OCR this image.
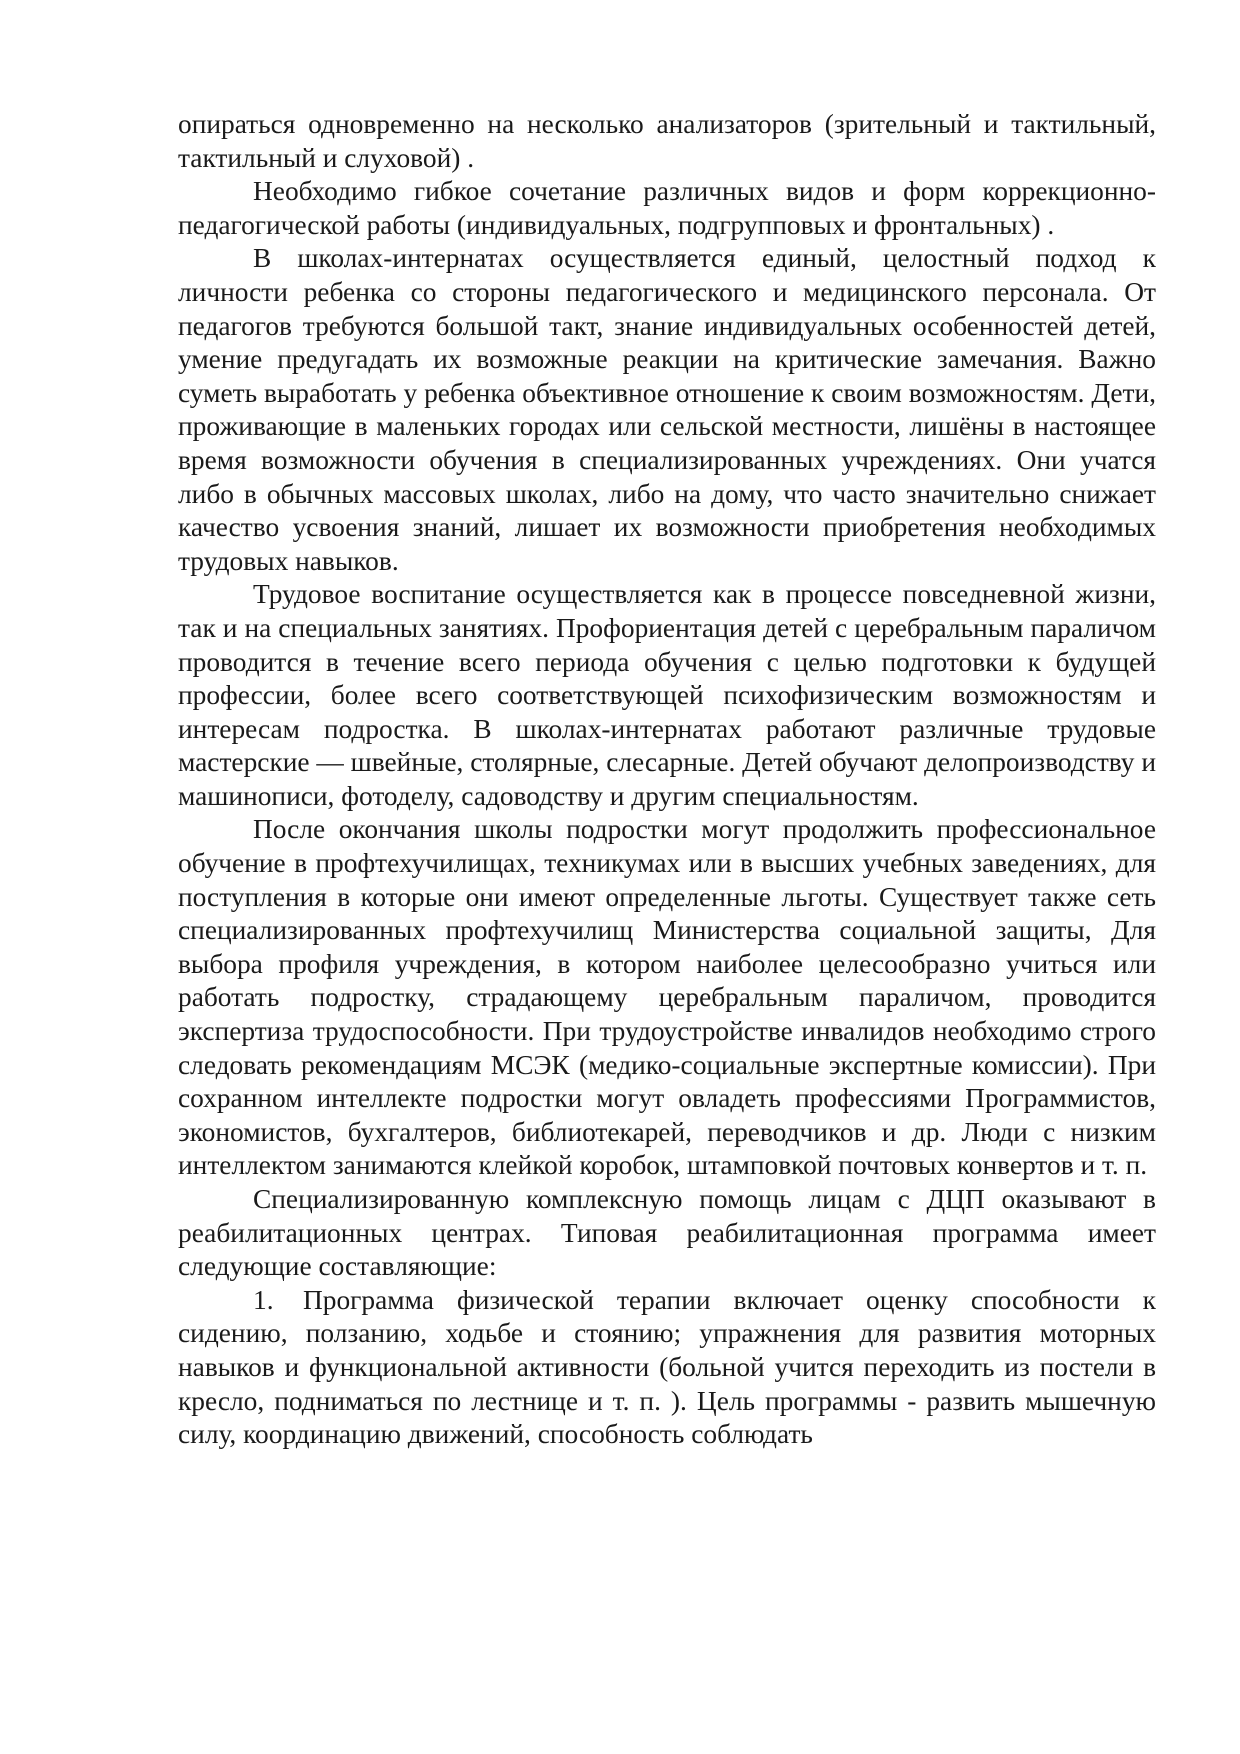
опираться одновременно на несколько анализаторов (зрительный и тактильный, тактильный и слуховой) .

Необходимо гибкое сочетание различных видов и форм коррекционно-педагогической работы (индивидуальных, подгрупповых и фронтальных) .

В школах-интернатах осуществляется единый, целостный подход к личности ребенка со стороны педагогического и медицинского персонала. От педагогов требуются большой такт, знание индивидуальных особенностей детей, умение предугадать их возможные реакции на критические замечания. Важно суметь выработать у ребенка объективное отношение к своим возможностям. Дети, проживающие в маленьких городах или сельской местности, лишёны в настоящее время возможности обучения в специализированных учреждениях. Они учатся либо в обычных массовых школах, либо на дому, что часто значительно снижает качество усвоения знаний, лишает их возможности приобретения необходимых трудовых навыков.

Трудовое воспитание осуществляется как в процессе повседневной жизни, так и на специальных занятиях. Профориентация детей с церебральным параличом проводится в течение всего периода обучения с целью подготовки к будущей профессии, более всего соответствующей психофизическим возможностям и интересам подростка. В школах-интернатах работают различные трудовые мастерские — швейные, столярные, слесарные. Детей обучают делопроизводству и машинописи, фотоделу, садоводству и другим специальностям.

После окончания школы подростки могут продолжить профессиональное обучение в профтехучилищах, техникумах или в высших учебных заведениях, для поступления в которые они имеют определенные льготы. Существует также сеть специализированных профтехучилищ Министерства социальной защиты, Для выбора профиля учреждения, в котором наиболее целесообразно учиться или работать подростку, страдающему церебральным параличом, проводится экспертиза трудоспособности. При трудоустройстве инвалидов необходимо строго следовать рекомендациям МСЭК (медико-социальные экспертные комиссии). При сохранном интеллекте подростки могут овладеть профессиями Программистов, экономистов, бухгалтеров, библиотекарей, переводчиков и др. Люди с низким интеллектом занимаются клейкой коробок, штамповкой почтовых конвертов и т. п.

Специализированную комплексную помощь лицам с ДЦП оказывают в реабилитационных центрах. Типовая реабилитационная программа имеет следующие составляющие:

1. Программа физической терапии включает оценку способности к сидению, ползанию, ходьбе и стоянию; упражнения для развития моторных навыков и функциональной активности (больной учится переходить из постели в кресло, подниматься по лестнице и т. п. ). Цель программы - развить мышечную силу, координацию движений, способность соблюдать
